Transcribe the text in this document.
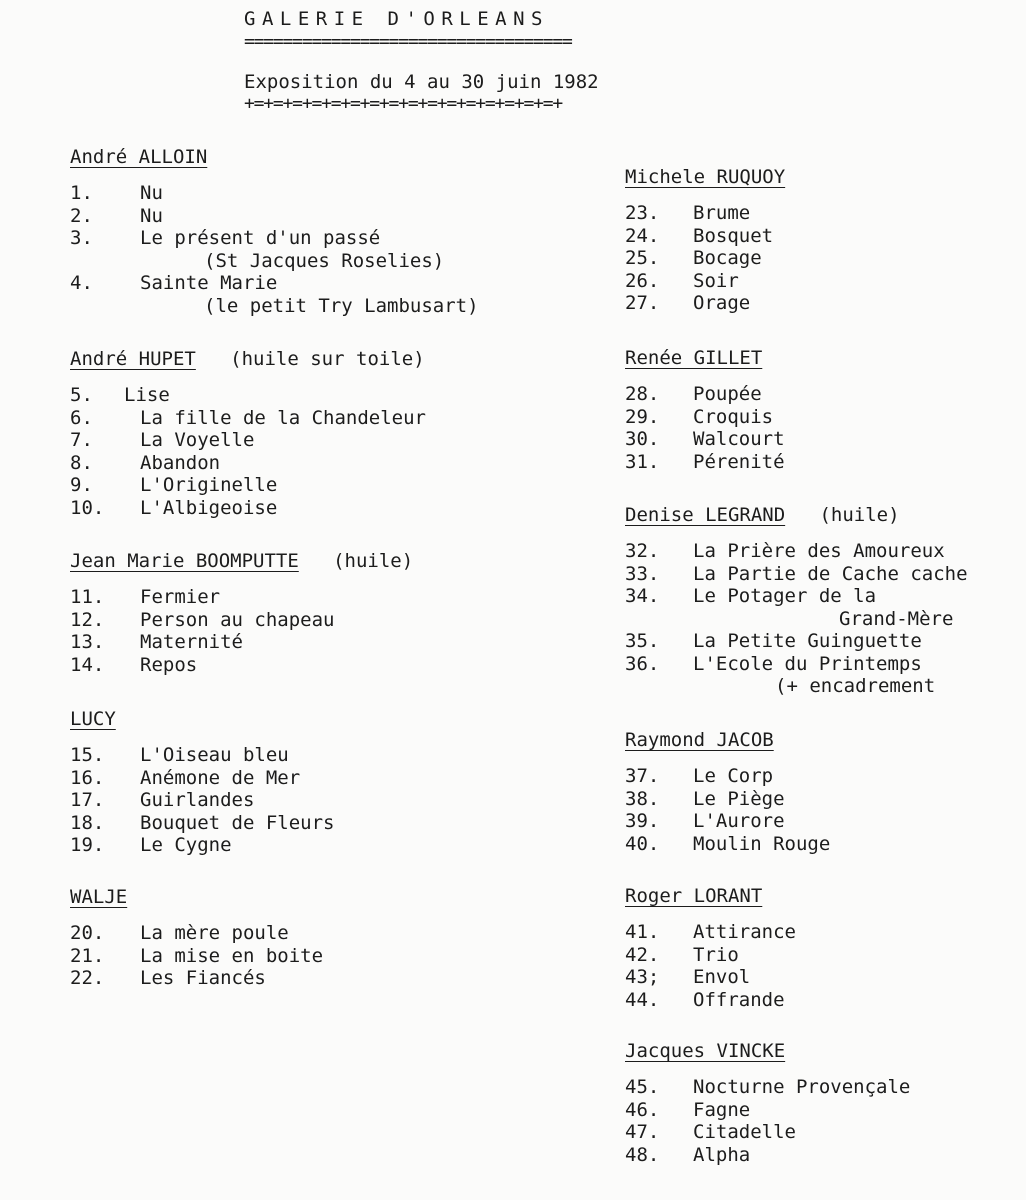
GALERIE D'ORLEANS
==================================
Exposition du 4 au 30 juin 1982
+=+=+=+=+=+=+=+=+=+=+=+=+=+=+=+=+
André ALLOIN
1.	Nu
2.	Nu
3.	Le présent d'un passé
(St Jacques Roselies)
4.	Sainte Marie
(le petit Try Lambusart)
André HUPET (huile sur toile)
5.	Lise
6.	La fille de la Chandeleur
7.	La Voyelle
8.	Abandon
9.	L'Originelle
10.	L'Albigeoise
Jean Marie BOOMPUTTE (huile)
11.	Fermier
12.	Person au chapeau
13.	Maternité
14.	Repos
LUCY
15.	L'Oiseau bleu
16.	Anémone de Mer
17.	Guirlandes
18.	Bouquet de Fleurs
19.	Le Cygne
WALJE
20.	La mère poule
21.	La mise en boite
22.	Les Fiancés
Michele RUQUOY
23.	Brume
24.	Bosquet
25.	Bocage
26.	Soir
27.	Orage
Renée GILLET
28.	Poupée
29.	Croquis
30.	Walcourt
31.	Pérenité
Denise LEGRAND (huile)
32.	La Prière des Amoureux
33.	La Partie de Cache cache
34.	Le Potager de la
Grand-Mère
35.	La Petite Guinguette
36.	L'Ecole du Printemps
(+ encadrement
Raymond JACOB
37.	Le Corp
38.	Le Piège
39.	L'Aurore
40.	Moulin Rouge
Roger LORANT
41.	Attirance
42.	Trio
43;	Envol
44.	Offrande
Jacques VINCKE
45.	Nocturne Provençale
46.	Fagne
47.	Citadelle
48.	Alpha
